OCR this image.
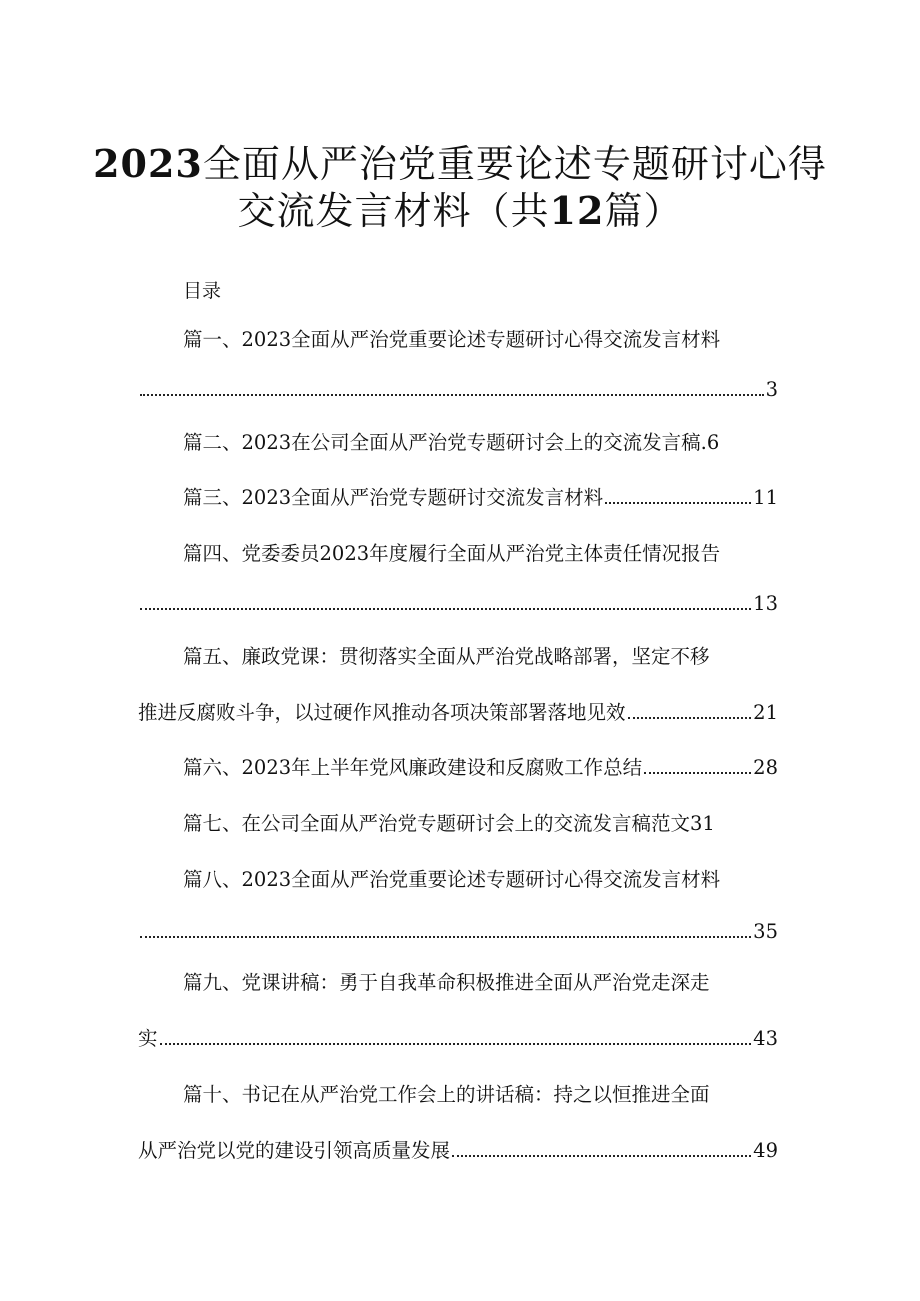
2023全面从严治党重要论述专题研讨心得
交流发言材料（共12篇）
目录
篇一、2023全面从严治党重要论述专题研讨心得交流发言材料
3
篇二、2023在公司全面从严治党专题研讨会上的交流发言稿.6
篇三、2023全面从严治党专题研讨交流发言材料	11
篇四、党委委员2023年度履行全面从严治党主体责任情况报告
13
篇五、廉政党课：贯彻落实全面从严治党战略部署，坚定不移
推进反腐败斗争，以过硬作风推动各项决策部署落地见效	21
篇六、2023年上半年党风廉政建设和反腐败工作总结	28
篇七、在公司全面从严治党专题研讨会上的交流发言稿范文31
篇八、2023全面从严治党重要论述专题研讨心得交流发言材料
35
篇九、党课讲稿：勇于自我革命积极推进全面从严治党走深走
实	43
篇十、书记在从严治党工作会上的讲话稿：持之以恒推进全面
从严治党以党的建设引领高质量发展	49
